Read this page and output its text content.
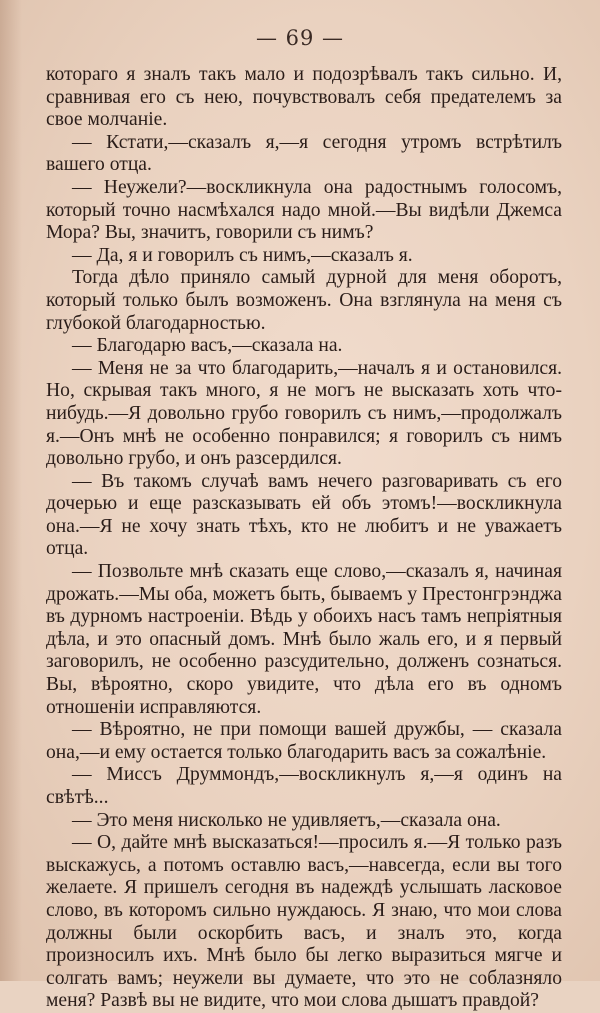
— 69 —

котораго я зналъ такъ мало и подозрѣвалъ такъ сильно. И, сравнивая его съ нею, почувствовалъ себя предателемъ за свое молчаніе.

— Кстати,—сказалъ я,—я сегодня утромъ встрѣтилъ вашего отца.

— Неужели?—воскликнула она радостнымъ голосомъ, который точно насмѣхался надо мной.—Вы видѣли Джемса Мора? Вы, значитъ, говорили съ нимъ?

— Да, я и говорилъ съ нимъ,—сказалъ я.

Тогда дѣло приняло самый дурной для меня оборотъ, который только былъ возможенъ. Она взглянула на меня съ глубокой благодарностью.

— Благодарю васъ,—сказала на.

— Меня не за что благодарить,—началъ я и остановился. Но, скрывая такъ много, я не могъ не высказать хоть что-нибудь.—Я довольно грубо говорилъ съ нимъ,—продолжалъ я.—Онъ мнѣ не особенно понравился; я говорилъ съ нимъ довольно грубо, и онъ разсердился.

— Въ такомъ случаѣ вамъ нечего разговаривать съ его дочерью и еще разсказывать ей объ этомъ!—воскликнула она.—Я не хочу знать тѣхъ, кто не любитъ и не уважаетъ отца.

— Позвольте мнѣ сказать еще слово,—сказалъ я, начиная дрожать.—Мы оба, можетъ быть, бываемъ у Престонгрэнджа въ дурномъ настроеніи. Вѣдь у обоихъ насъ тамъ непріятныя дѣла, и это опасный домъ. Мнѣ было жаль его, и я первый заговорилъ, не особенно разсудительно, долженъ сознаться. Вы, вѣроятно, скоро увидите, что дѣла его въ одномъ отношеніи исправляются.

— Вѣроятно, не при помощи вашей дружбы, — сказала она,—и ему остается только благодарить васъ за сожалѣніе.

— Миссъ Друммондъ,—воскликнулъ я,—я одинъ на свѣтѣ...

— Это меня нисколько не удивляетъ,—сказала она.

— О, дайте мнѣ высказаться!—просилъ я.—Я только разъ выскажусь, а потомъ оставлю васъ,—навсегда, если вы того желаете. Я пришелъ сегодня въ надеждѣ услышать ласковое слово, въ которомъ сильно нуждаюсь. Я знаю, что мои слова должны были оскорбить васъ, и зналъ это, когда произносилъ ихъ. Мнѣ было бы легко выразиться мягче и солгать вамъ; неужели вы думаете, что это не соблазняло меня? Развѣ вы не видите, что мои слова дышатъ правдой?
